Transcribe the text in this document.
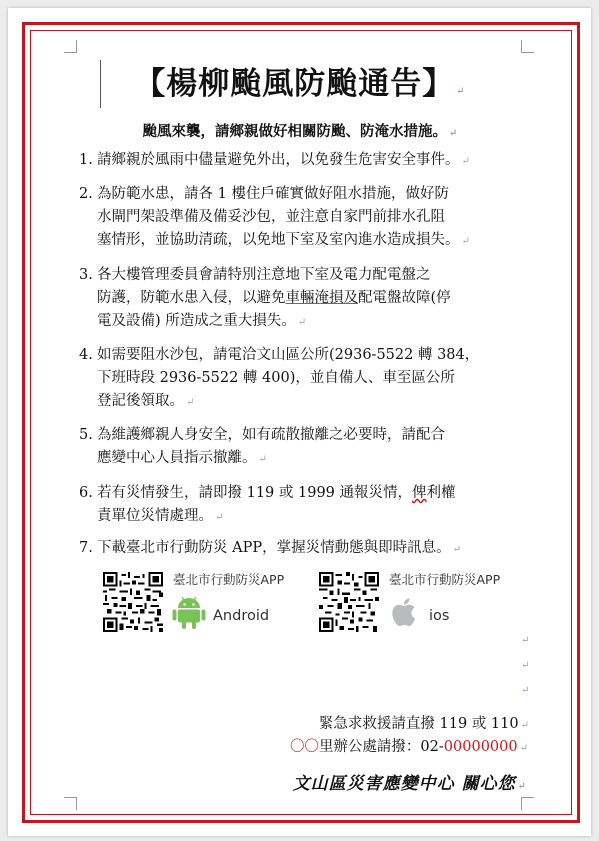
【楊柳颱風防颱通告】 ↵
颱風來襲，請鄉親做好相關防颱、防淹水措施。 ↵
1. 請鄉親於風雨中儘量避免外出，以免發生危害安全事件。 ↵
2. 為防範水患，請各 1 樓住戶確實做好阻水措施，做好防
水閘門架設準備及備妥沙包，並注意自家門前排水孔阻
塞情形，並協助清疏，以免地下室及室內進水造成損失。 ↵
3. 各大樓管理委員會請特別注意地下室及電力配電盤之
防護，防範水患入侵，以避免車輛淹損及配電盤故障(停
電及設備) 所造成之重大損失。 ↵
4. 如需要阻水沙包，請電洽文山區公所(2936-5522 轉 384，
下班時段 2936-5522 轉 400)，並自備人、車至區公所
登記後領取。 ↵
5. 為維護鄉親人身安全，如有疏散撤離之必要時，請配合
應變中心人員指示撤離。 ↵
6. 若有災情發生，請即撥 119 或 1999 通報災情，俾利權
責單位災情處理。 ↵
7. 下載臺北市行動防災 APP，掌握災情動態與即時訊息。 ↵
臺北市行動防災APP
Android
臺北市行動防災APP
ios
↵
↵
↵
緊急求救援請直撥 119 或 110 ↵
〇〇里辦公處請撥：02-00000000 ↵
文山區災害應變中心 關心您 ↵
